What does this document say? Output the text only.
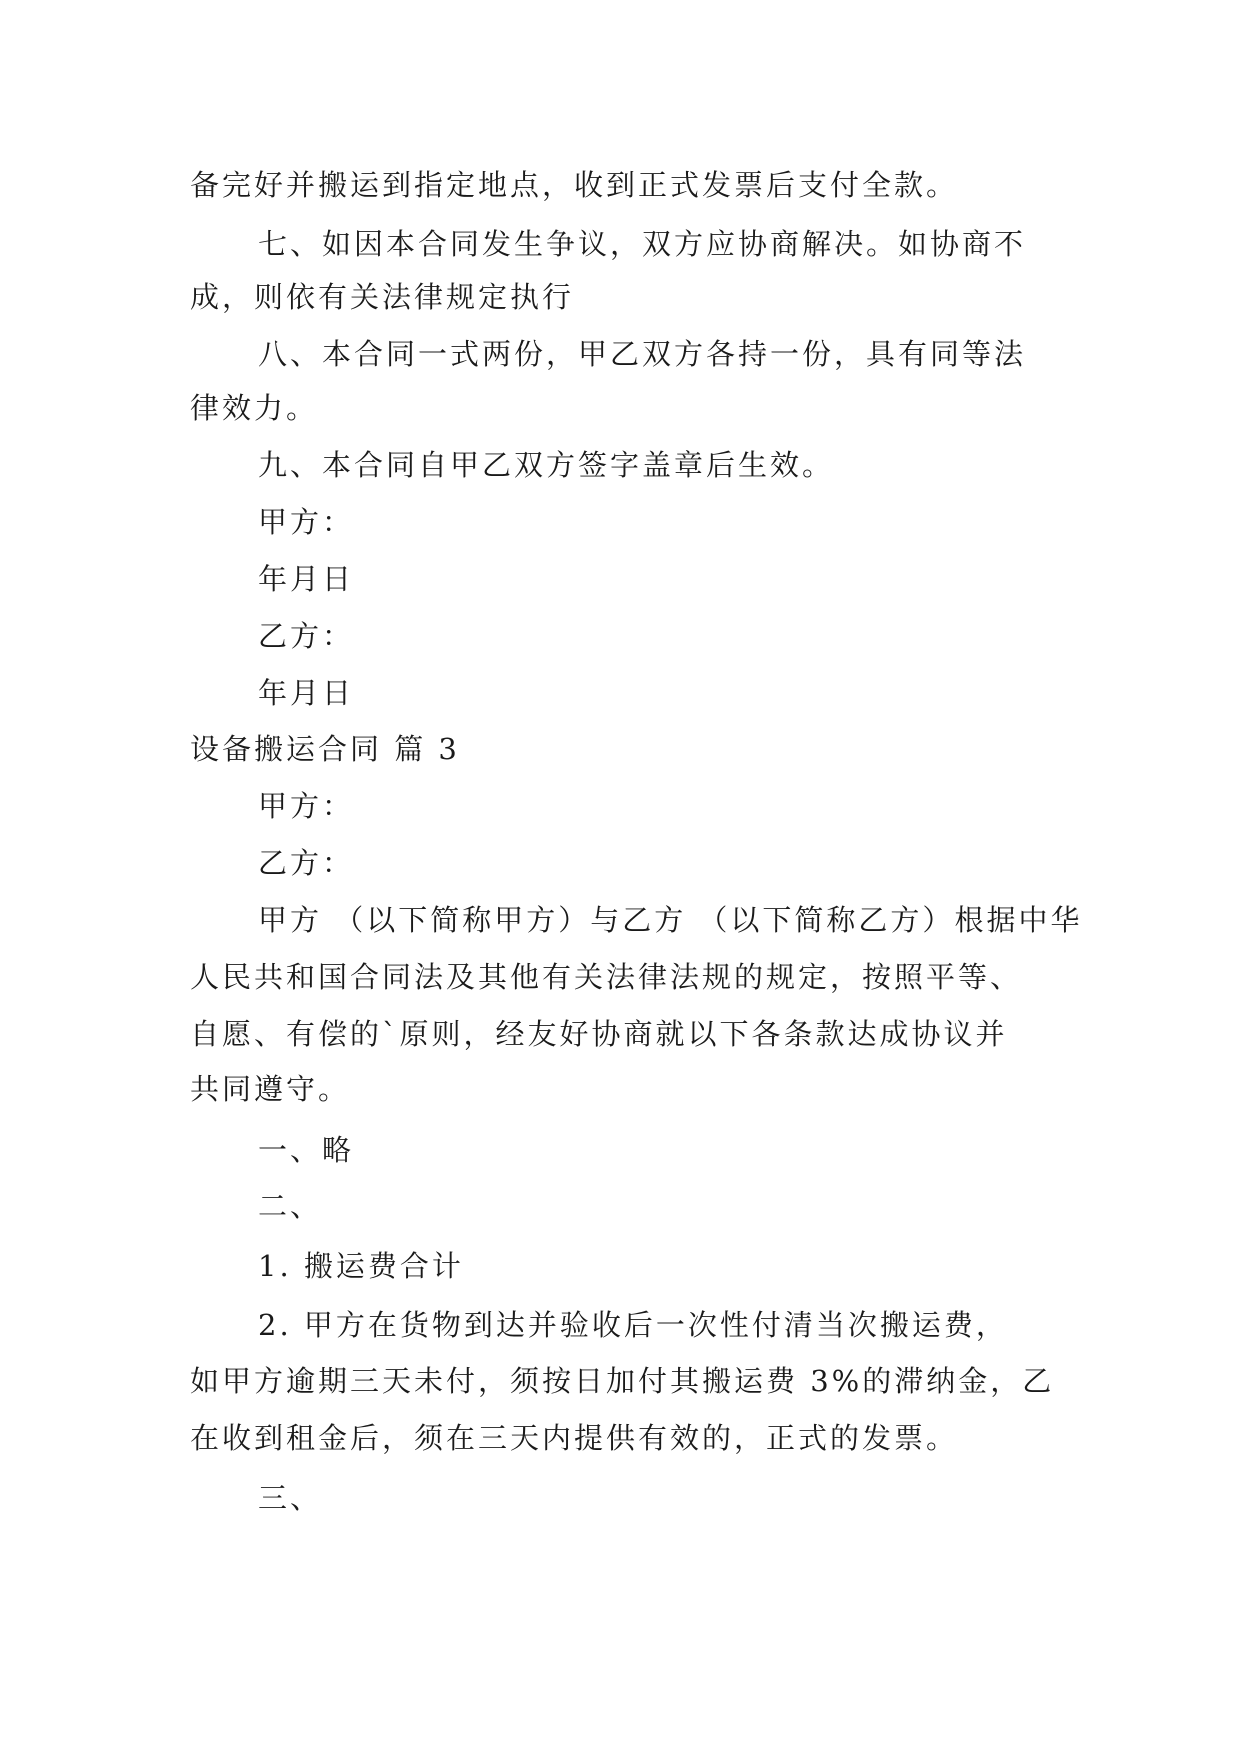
备完好并搬运到指定地点，收到正式发票后支付全款。
七、如因本合同发生争议，双方应协商解决。如协商不
成，则依有关法律规定执行
八、本合同一式两份，甲乙双方各持一份，具有同等法
律效力。
九、本合同自甲乙双方签字盖章后生效。
甲方：
年月日
乙方：
年月日
设备搬运合同 篇 3
甲方：
乙方：
甲方 （以下简称甲方）与乙方 （以下简称乙方）根据中华
人民共和国合同法及其他有关法律法规的规定，按照平等、
自愿、有偿的`原则，经友好协商就以下各条款达成协议并
共同遵守。
一、略
二、
1. 搬运费合计
2. 甲方在货物到达并验收后一次性付清当次搬运费，
如甲方逾期三天未付，须按日加付其搬运费 3%的滞纳金，乙
在收到租金后，须在三天内提供有效的，正式的发票。
三、
